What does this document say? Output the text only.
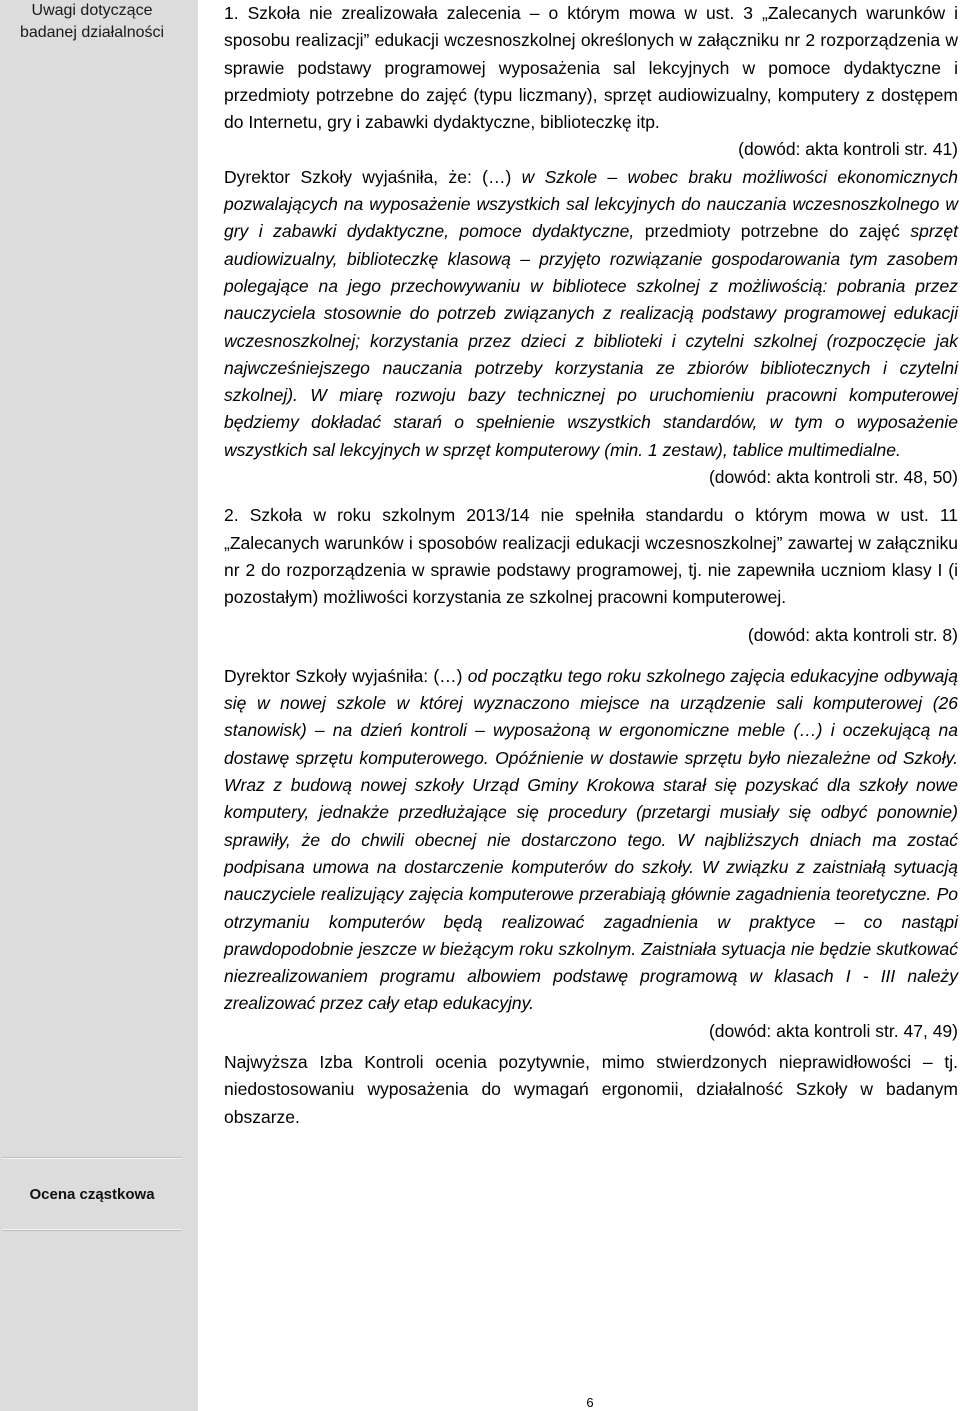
Uwagi dotyczące badanej działalności
Ocena cząstkowa

1. Szkoła nie zrealizowała zalecenia – o którym mowa w ust. 3 „Zalecanych warunków i sposobu realizacji” edukacji wczesnoszkolnej określonych w załączniku nr 2 rozporządzenia w sprawie podstawy programowej wyposażenia sal lekcyjnych w pomoce dydaktyczne i przedmioty potrzebne do zajęć (typu liczmany), sprzęt audiowizualny, komputery z dostępem do Internetu, gry i zabawki dydaktyczne, biblioteczkę itp.

(dowód: akta kontroli str. 41)

Dyrektor Szkoły wyjaśniła, że: (…) w Szkole – wobec braku możliwości ekonomicznych pozwalających na wyposażenie wszystkich sal lekcyjnych do nauczania wczesnoszkolnego w gry i zabawki dydaktyczne, pomoce dydaktyczne, przedmioty potrzebne do zajęć sprzęt audiowizualny, biblioteczkę klasową – przyjęto rozwiązanie gospodarowania tym zasobem polegające na jego przechowywaniu w bibliotece szkolnej z możliwością: pobrania przez nauczyciela stosownie do potrzeb związanych z realizacją podstawy programowej edukacji wczesnoszkolnej; korzystania przez dzieci z biblioteki i czytelni szkolnej (rozpoczęcie jak najwcześniejszego nauczania potrzeby korzystania ze zbiorów bibliotecznych i czytelni szkolnej). W miarę rozwoju bazy technicznej po uruchomieniu pracowni komputerowej będziemy dokładać starań o spełnienie wszystkich standardów, w tym o wyposażenie wszystkich sal lekcyjnych w sprzęt komputerowy (min. 1 zestaw), tablice multimedialne.

(dowód: akta kontroli str. 48, 50)

2. Szkoła w roku szkolnym 2013/14 nie spełniła standardu o którym mowa w ust. 11 „Zalecanych warunków i sposobów realizacji edukacji wczesnoszkolnej” zawartej w załączniku nr 2 do rozporządzenia w sprawie podstawy programowej, tj. nie zapewniła uczniom klasy I (i pozostałym) możliwości korzystania ze szkolnej pracowni komputerowej.

(dowód: akta kontroli str. 8)

Dyrektor Szkoły wyjaśniła: (…) od początku tego roku szkolnego zajęcia edukacyjne odbywają się w nowej szkole w której wyznaczono miejsce na urządzenie sali komputerowej (26 stanowisk) – na dzień kontroli – wyposażoną w ergonomiczne meble (…) i oczekującą na dostawę sprzętu komputerowego. Opóźnienie w dostawie sprzętu było niezależne od Szkoły. Wraz z budową nowej szkoły Urząd Gminy Krokowa starał się pozyskać dla szkoły nowe komputery, jednakże przedłużające się procedury (przetargi musiały się odbyć ponownie) sprawiły, że do chwili obecnej nie dostarczono tego. W najbliższych dniach ma zostać podpisana umowa na dostarczenie komputerów do szkoły. W związku z zaistniałą sytuacją nauczyciele realizujący zajęcia komputerowe przerabiają głównie zagadnienia teoretyczne. Po otrzymaniu komputerów będą realizować zagadnienia w praktyce – co nastąpi prawdopodobnie jeszcze w bieżącym roku szkolnym. Zaistniała sytuacja nie będzie skutkować niezrealizowaniem programu albowiem podstawę programową w klasach I - III należy zrealizować przez cały etap edukacyjny.

(dowód: akta kontroli str. 47, 49)

Najwyższa Izba Kontroli ocenia pozytywnie, mimo stwierdzonych nieprawidłowości – tj. niedostosowaniu wyposażenia do wymagań ergonomii, działalność Szkoły w badanym obszarze.

6
